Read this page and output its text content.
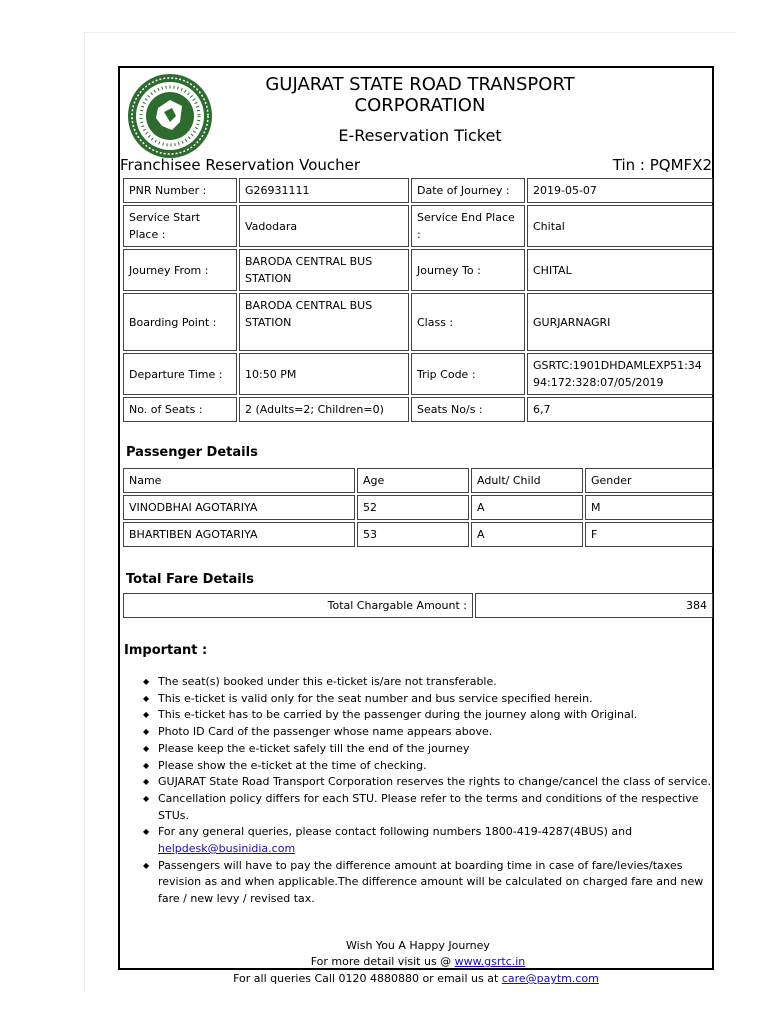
GUJARAT STATE ROAD TRANSPORT
CORPORATION
E-Reservation Ticket
Franchisee Reservation Voucher	Tin : PQMFX2
PNR Number :	G26931111	Date of Journey :	2019-05-07
Service Start Place :	Vadodara	Service End Place :	Chital
Journey From :	BARODA CENTRAL BUS STATION	Journey To :	CHITAL
Boarding Point :	BARODA CENTRAL BUS STATION	Class :	GURJARNAGRI
Departure Time :	10:50 PM	Trip Code :	GSRTC:1901DHDAMLEXP51:3494:172:328:07/05/2019
No. of Seats :	2 (Adults=2; Children=0)	Seats No/s :	6,7
Passenger Details
Name	Age	Adult/ Child	Gender
VINODBHAI AGOTARIYA	52	A	M
BHARTIBEN AGOTARIYA	53	A	F
Total Fare Details
Total Chargable Amount :	384
Important :
◆ The seat(s) booked under this e-ticket is/are not transferable.
◆ This e-ticket is valid only for the seat number and bus service specified herein.
◆ This e-ticket has to be carried by the passenger during the journey along with Original.
◆ Photo ID Card of the passenger whose name appears above.
◆ Please keep the e-ticket safely till the end of the journey
◆ Please show the e-ticket at the time of checking.
◆ GUJARAT State Road Transport Corporation reserves the rights to change/cancel the class of service.
◆ Cancellation policy differs for each STU. Please refer to the terms and conditions of the respective STUs.
◆ For any general queries, please contact following numbers 1800-419-4287(4BUS) and
helpdesk@businidia.com
◆ Passengers will have to pay the difference amount at boarding time in case of fare/levies/taxes revision as and when applicable.The difference amount will be calculated on charged fare and new fare / new levy / revised tax.
Wish You A Happy Journey
For more detail visit us @ www.gsrtc.in
For all queries Call 0120 4880880 or email us at care@paytm.com
